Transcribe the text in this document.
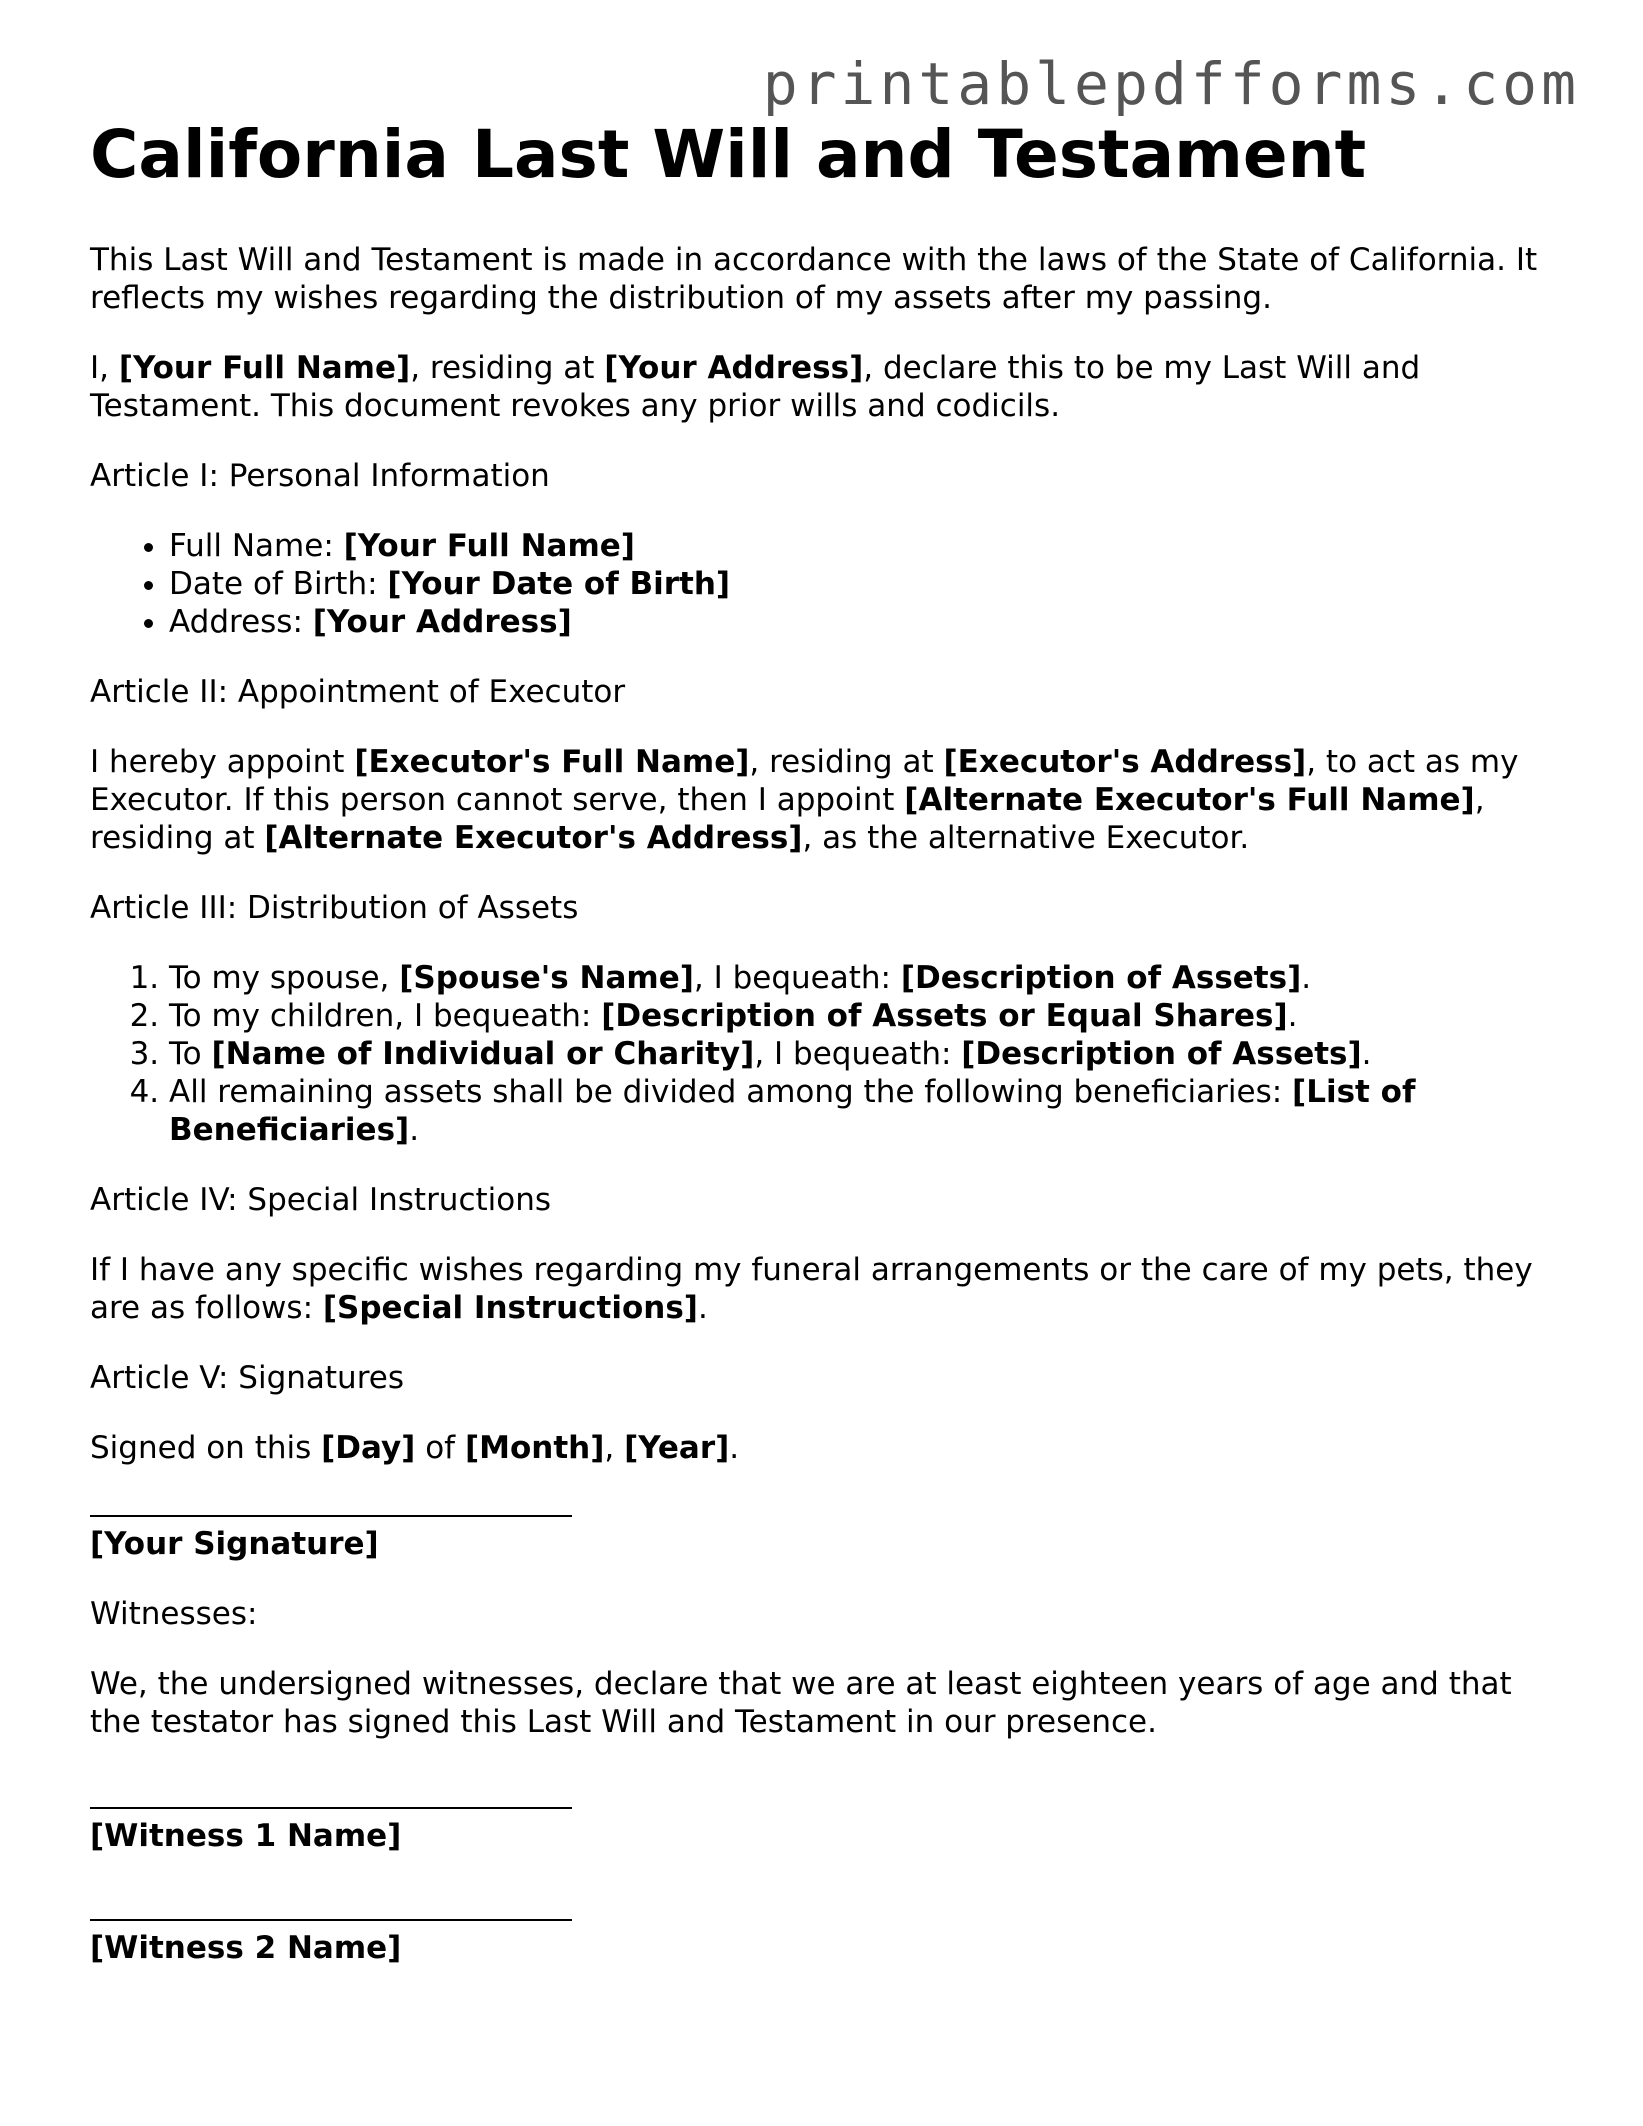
printablepdfforms.com
California Last Will and Testament

This Last Will and Testament is made in accordance with the laws of the State of California. It reflects my wishes regarding the distribution of my assets after my passing.

I, [Your Full Name], residing at [Your Address], declare this to be my Last Will and Testament. This document revokes any prior wills and codicils.

Article I: Personal Information

• Full Name: [Your Full Name]
• Date of Birth: [Your Date of Birth]
• Address: [Your Address]

Article II: Appointment of Executor

I hereby appoint [Executor's Full Name], residing at [Executor's Address], to act as my Executor. If this person cannot serve, then I appoint [Alternate Executor's Full Name], residing at [Alternate Executor's Address], as the alternative Executor.

Article III: Distribution of Assets

1. To my spouse, [Spouse's Name], I bequeath: [Description of Assets].
2. To my children, I bequeath: [Description of Assets or Equal Shares].
3. To [Name of Individual or Charity], I bequeath: [Description of Assets].
4. All remaining assets shall be divided among the following beneficiaries: [List of Beneficiaries].

Article IV: Special Instructions

If I have any specific wishes regarding my funeral arrangements or the care of my pets, they are as follows: [Special Instructions].

Article V: Signatures

Signed on this [Day] of [Month], [Year].

[Your Signature]

Witnesses:

We, the undersigned witnesses, declare that we are at least eighteen years of age and that the testator has signed this Last Will and Testament in our presence.

[Witness 1 Name]
[Witness 2 Name]
